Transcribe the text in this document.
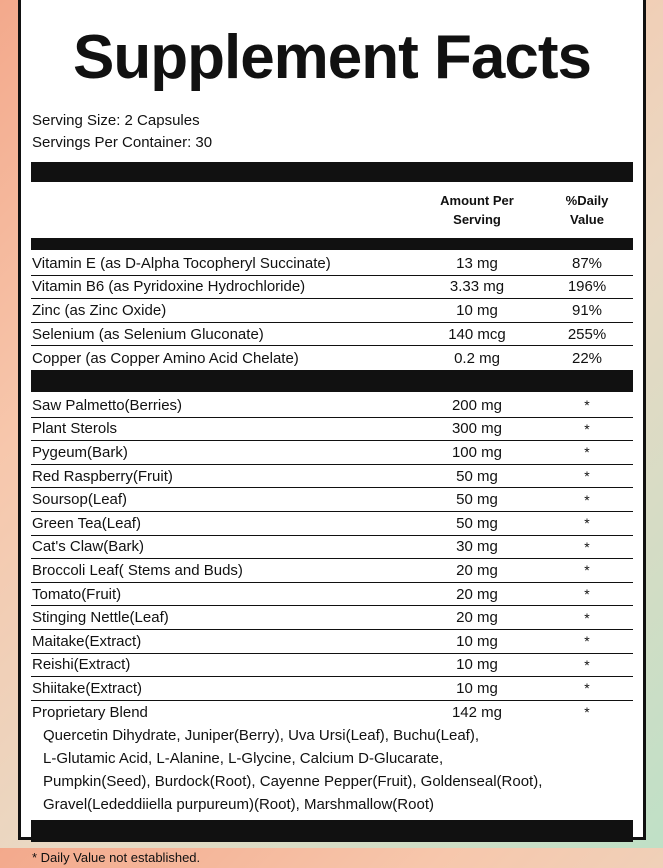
Supplement Facts
Serving Size: 2 Capsules
Servings Per Container: 30
Amount Per
Serving
%Daily
Value
Vitamin E (as D-Alpha Tocopheryl Succinate)	13 mg	87%
Vitamin B6 (as Pyridoxine Hydrochloride)	3.33 mg	196%
Zinc (as Zinc Oxide)	10 mg	91%
Selenium (as Selenium Gluconate)	140 mcg	255%
Copper (as Copper Amino Acid Chelate)	0.2 mg	22%
Saw Palmetto(Berries)	200 mg	*
Plant Sterols	300 mg	*
Pygeum(Bark)	100 mg	*
Red Raspberry(Fruit)	50 mg	*
Soursop(Leaf)	50 mg	*
Green Tea(Leaf)	50 mg	*
Cat's Claw(Bark)	30 mg	*
Broccoli Leaf( Stems and Buds)	20 mg	*
Tomato(Fruit)	20 mg	*
Stinging Nettle(Leaf)	20 mg	*
Maitake(Extract)	10 mg	*
Reishi(Extract)	10 mg	*
Shiitake(Extract)	10 mg	*
Proprietary Blend	142 mg	*
Quercetin Dihydrate, Juniper(Berry), Uva Ursi(Leaf), Buchu(Leaf),
L-Glutamic Acid, L-Alanine, L-Glycine, Calcium D-Glucarate,
Pumpkin(Seed), Burdock(Root), Cayenne Pepper(Fruit), Goldenseal(Root),
Gravel(Lededdiiella purpureum)(Root), Marshmallow(Root)
* Daily Value not established.
